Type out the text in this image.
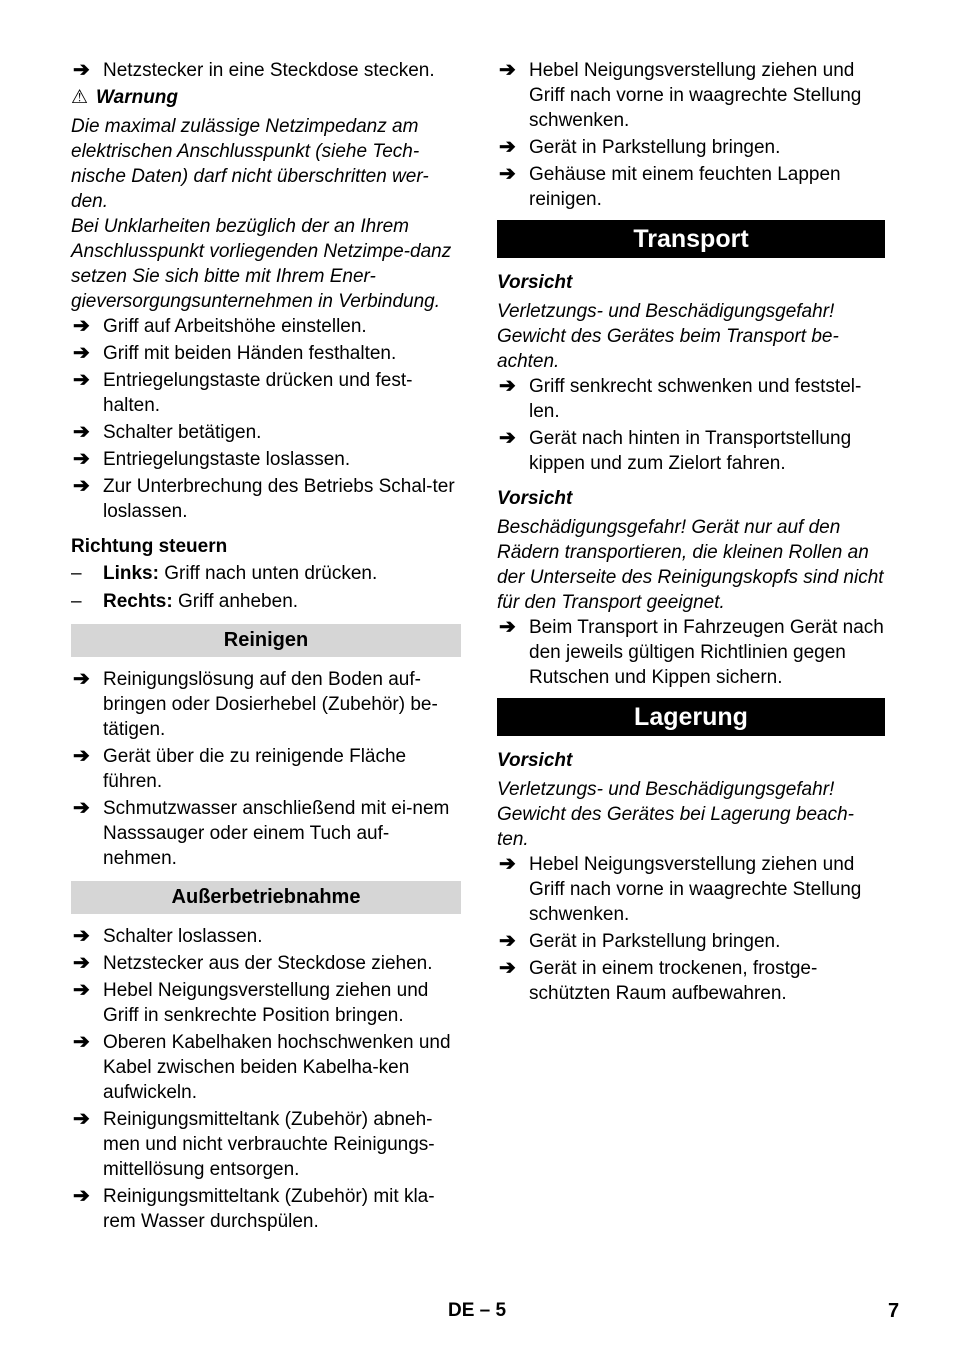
➔ Netzstecker in eine Steckdose stecken.
⚠ Warnung

Die maximal zulässige Netzimpedanz am elektrischen Anschlusspunkt (siehe Tech-nische Daten) darf nicht überschritten wer-den.

Bei Unklarheiten bezüglich der an Ihrem Anschlusspunkt vorliegenden Netzimpe-danz setzen Sie sich bitte mit Ihrem Ener-gieversorgungsunternehmen in Verbindung.

➔ Griff auf Arbeitshöhe einstellen.
➔ Griff mit beiden Händen festhalten.
➔ Entriegelungstaste drücken und fest-halten.
➔ Schalter betätigen.
➔ Entriegelungstaste loslassen.
➔ Zur Unterbrechung des Betriebs Schal-ter loslassen.
Richtung steuern
– Links: Griff nach unten drücken.
– Rechts: Griff anheben.
Reinigen
➔ Reinigungslösung auf den Boden auf-bringen oder Dosierhebel (Zubehör) be-tätigen.
➔ Gerät über die zu reinigende Fläche führen.
➔ Schmutzwasser anschließend mit ei-nem Nasssauger oder einem Tuch auf-nehmen.
Außerbetriebnahme
➔ Schalter loslassen.
➔ Netzstecker aus der Steckdose ziehen.
➔ Hebel Neigungsverstellung ziehen und Griff in senkrechte Position bringen.
➔ Oberen Kabelhaken hochschwenken und Kabel zwischen beiden Kabelha-ken aufwickeln.
➔ Reinigungsmitteltank (Zubehör) abneh-men und nicht verbrauchte Reinigungs-mittellösung entsorgen.
➔ Reinigungsmitteltank (Zubehör) mit kla-rem Wasser durchspülen.
➔ Hebel Neigungsverstellung ziehen und Griff nach vorne in waagrechte Stellung schwenken.
➔ Gerät in Parkstellung bringen.
➔ Gehäuse mit einem feuchten Lappen reinigen.
Transport
Vorsicht

Verletzungs- und Beschädigungsgefahr! Gewicht des Gerätes beim Transport be-achten.

➔ Griff senkrecht schwenken und feststel-len.
➔ Gerät nach hinten in Transportstellung kippen und zum Zielort fahren.
Vorsicht

Beschädigungsgefahr! Gerät nur auf den Rädern transportieren, die kleinen Rollen an der Unterseite des Reinigungskopfs sind nicht für den Transport geeignet.

➔ Beim Transport in Fahrzeugen Gerät nach den jeweils gültigen Richtlinien gegen Rutschen und Kippen sichern.
Lagerung
Vorsicht

Verletzungs- und Beschädigungsgefahr! Gewicht des Gerätes bei Lagerung beach-ten.

➔ Hebel Neigungsverstellung ziehen und Griff nach vorne in waagrechte Stellung schwenken.
➔ Gerät in Parkstellung bringen.
➔ Gerät in einem trockenen, frostge-schützten Raum aufbewahren.
DE – 5	7
